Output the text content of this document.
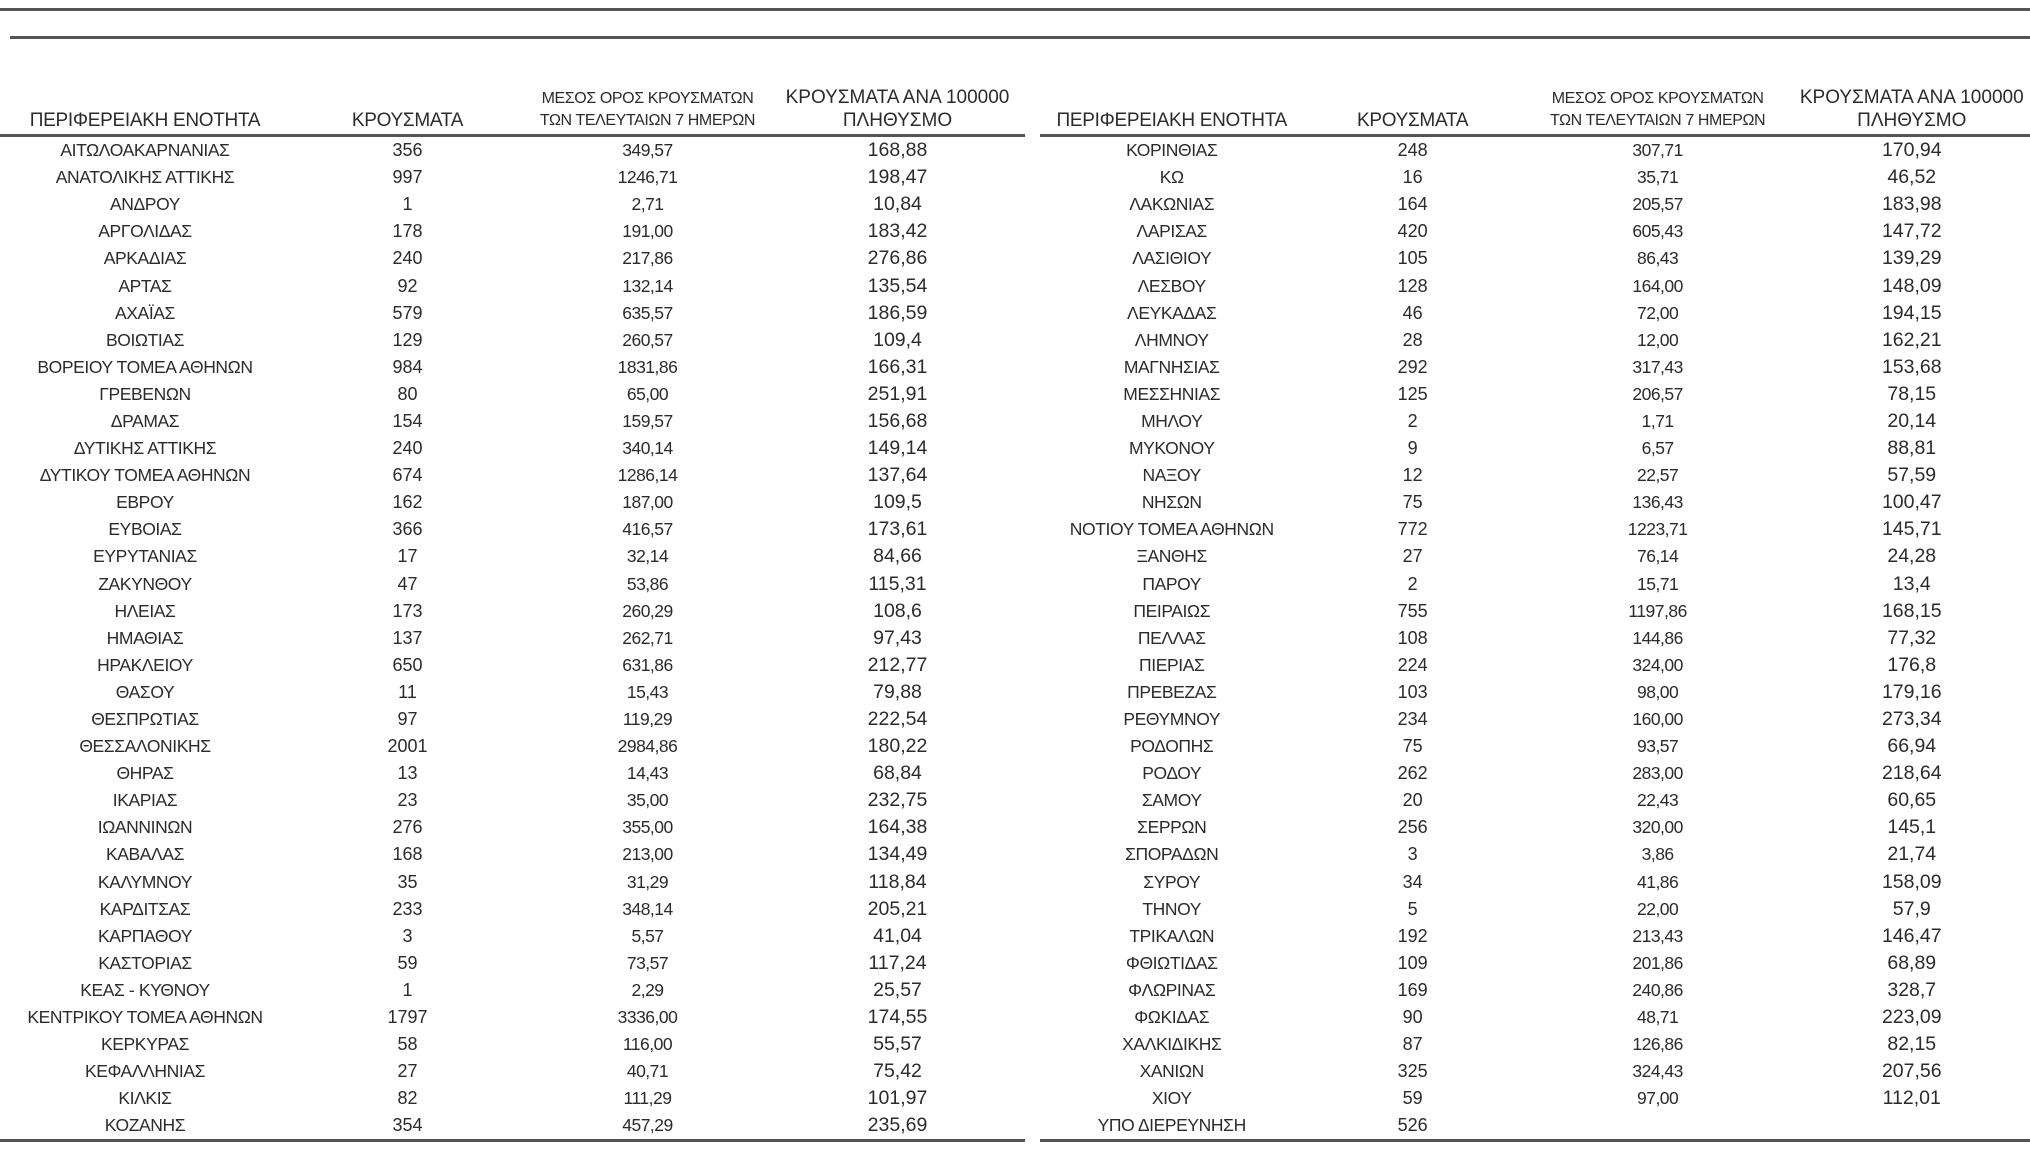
ΠΕΡΙΦΕΡΕΙΑΚΗ ΕΝΟΤΗΤΑ	ΚΡΟΥΣΜΑΤΑ	ΜΕΣΟΣ ΟΡΟΣ ΚΡΟΥΣΜΑΤΩΝ
ΤΩΝ ΤΕΛΕΥΤΑΙΩΝ 7 ΗΜΕΡΩΝ	ΚΡΟΥΣΜΑΤΑ ΑΝΑ 100000
ΠΛΗΘΥΣΜΟ
ΑΙΤΩΛΟΑΚΑΡΝΑΝΙΑΣ	356	349,57	168,88
ΑΝΑΤΟΛΙΚΗΣ ΑΤΤΙΚΗΣ	997	1246,71	198,47
ΑΝΔΡΟΥ	1	2,71	10,84
ΑΡΓΟΛΙΔΑΣ	178	191,00	183,42
ΑΡΚΑΔΙΑΣ	240	217,86	276,86
ΑΡΤΑΣ	92	132,14	135,54
ΑΧΑΪΑΣ	579	635,57	186,59
ΒΟΙΩΤΙΑΣ	129	260,57	109,4
ΒΟΡΕΙΟΥ ΤΟΜΕΑ ΑΘΗΝΩΝ	984	1831,86	166,31
ΓΡΕΒΕΝΩΝ	80	65,00	251,91
ΔΡΑΜΑΣ	154	159,57	156,68
ΔΥΤΙΚΗΣ ΑΤΤΙΚΗΣ	240	340,14	149,14
ΔΥΤΙΚΟΥ ΤΟΜΕΑ ΑΘΗΝΩΝ	674	1286,14	137,64
ΕΒΡΟΥ	162	187,00	109,5
ΕΥΒΟΙΑΣ	366	416,57	173,61
ΕΥΡΥΤΑΝΙΑΣ	17	32,14	84,66
ΖΑΚΥΝΘΟΥ	47	53,86	115,31
ΗΛΕΙΑΣ	173	260,29	108,6
ΗΜΑΘΙΑΣ	137	262,71	97,43
ΗΡΑΚΛΕΙΟΥ	650	631,86	212,77
ΘΑΣΟΥ	11	15,43	79,88
ΘΕΣΠΡΩΤΙΑΣ	97	119,29	222,54
ΘΕΣΣΑΛΟΝΙΚΗΣ	2001	2984,86	180,22
ΘΗΡΑΣ	13	14,43	68,84
ΙΚΑΡΙΑΣ	23	35,00	232,75
ΙΩΑΝΝΙΝΩΝ	276	355,00	164,38
ΚΑΒΑΛΑΣ	168	213,00	134,49
ΚΑΛΥΜΝΟΥ	35	31,29	118,84
ΚΑΡΔΙΤΣΑΣ	233	348,14	205,21
ΚΑΡΠΑΘΟΥ	3	5,57	41,04
ΚΑΣΤΟΡΙΑΣ	59	73,57	117,24
ΚΕΑΣ - ΚΥΘΝΟΥ	1	2,29	25,57
ΚΕΝΤΡΙΚΟΥ ΤΟΜΕΑ ΑΘΗΝΩΝ	1797	3336,00	174,55
ΚΕΡΚΥΡΑΣ	58	116,00	55,57
ΚΕΦΑΛΛΗΝΙΑΣ	27	40,71	75,42
ΚΙΛΚΙΣ	82	111,29	101,97
ΚΟΖΑΝΗΣ	354	457,29	235,69
ΠΕΡΙΦΕΡΕΙΑΚΗ ΕΝΟΤΗΤΑ	ΚΡΟΥΣΜΑΤΑ	ΜΕΣΟΣ ΟΡΟΣ ΚΡΟΥΣΜΑΤΩΝ
ΤΩΝ ΤΕΛΕΥΤΑΙΩΝ 7 ΗΜΕΡΩΝ	ΚΡΟΥΣΜΑΤΑ ΑΝΑ 100000
ΠΛΗΘΥΣΜΟ
ΚΟΡΙΝΘΙΑΣ	248	307,71	170,94
ΚΩ	16	35,71	46,52
ΛΑΚΩΝΙΑΣ	164	205,57	183,98
ΛΑΡΙΣΑΣ	420	605,43	147,72
ΛΑΣΙΘΙΟΥ	105	86,43	139,29
ΛΕΣΒΟΥ	128	164,00	148,09
ΛΕΥΚΑΔΑΣ	46	72,00	194,15
ΛΗΜΝΟΥ	28	12,00	162,21
ΜΑΓΝΗΣΙΑΣ	292	317,43	153,68
ΜΕΣΣΗΝΙΑΣ	125	206,57	78,15
ΜΗΛΟΥ	2	1,71	20,14
ΜΥΚΟΝΟΥ	9	6,57	88,81
ΝΑΞΟΥ	12	22,57	57,59
ΝΗΣΩΝ	75	136,43	100,47
ΝΟΤΙΟΥ ΤΟΜΕΑ ΑΘΗΝΩΝ	772	1223,71	145,71
ΞΑΝΘΗΣ	27	76,14	24,28
ΠΑΡΟΥ	2	15,71	13,4
ΠΕΙΡΑΙΩΣ	755	1197,86	168,15
ΠΕΛΛΑΣ	108	144,86	77,32
ΠΙΕΡΙΑΣ	224	324,00	176,8
ΠΡΕΒΕΖΑΣ	103	98,00	179,16
ΡΕΘΥΜΝΟΥ	234	160,00	273,34
ΡΟΔΟΠΗΣ	75	93,57	66,94
ΡΟΔΟΥ	262	283,00	218,64
ΣΑΜΟΥ	20	22,43	60,65
ΣΕΡΡΩΝ	256	320,00	145,1
ΣΠΟΡΑΔΩΝ	3	3,86	21,74
ΣΥΡΟΥ	34	41,86	158,09
ΤΗΝΟΥ	5	22,00	57,9
ΤΡΙΚΑΛΩΝ	192	213,43	146,47
ΦΘΙΩΤΙΔΑΣ	109	201,86	68,89
ΦΛΩΡΙΝΑΣ	169	240,86	328,7
ΦΩΚΙΔΑΣ	90	48,71	223,09
ΧΑΛΚΙΔΙΚΗΣ	87	126,86	82,15
ΧΑΝΙΩΝ	325	324,43	207,56
ΧΙΟΥ	59	97,00	112,01
ΥΠΟ ΔΙΕΡΕΥΝΗΣΗ	526		
